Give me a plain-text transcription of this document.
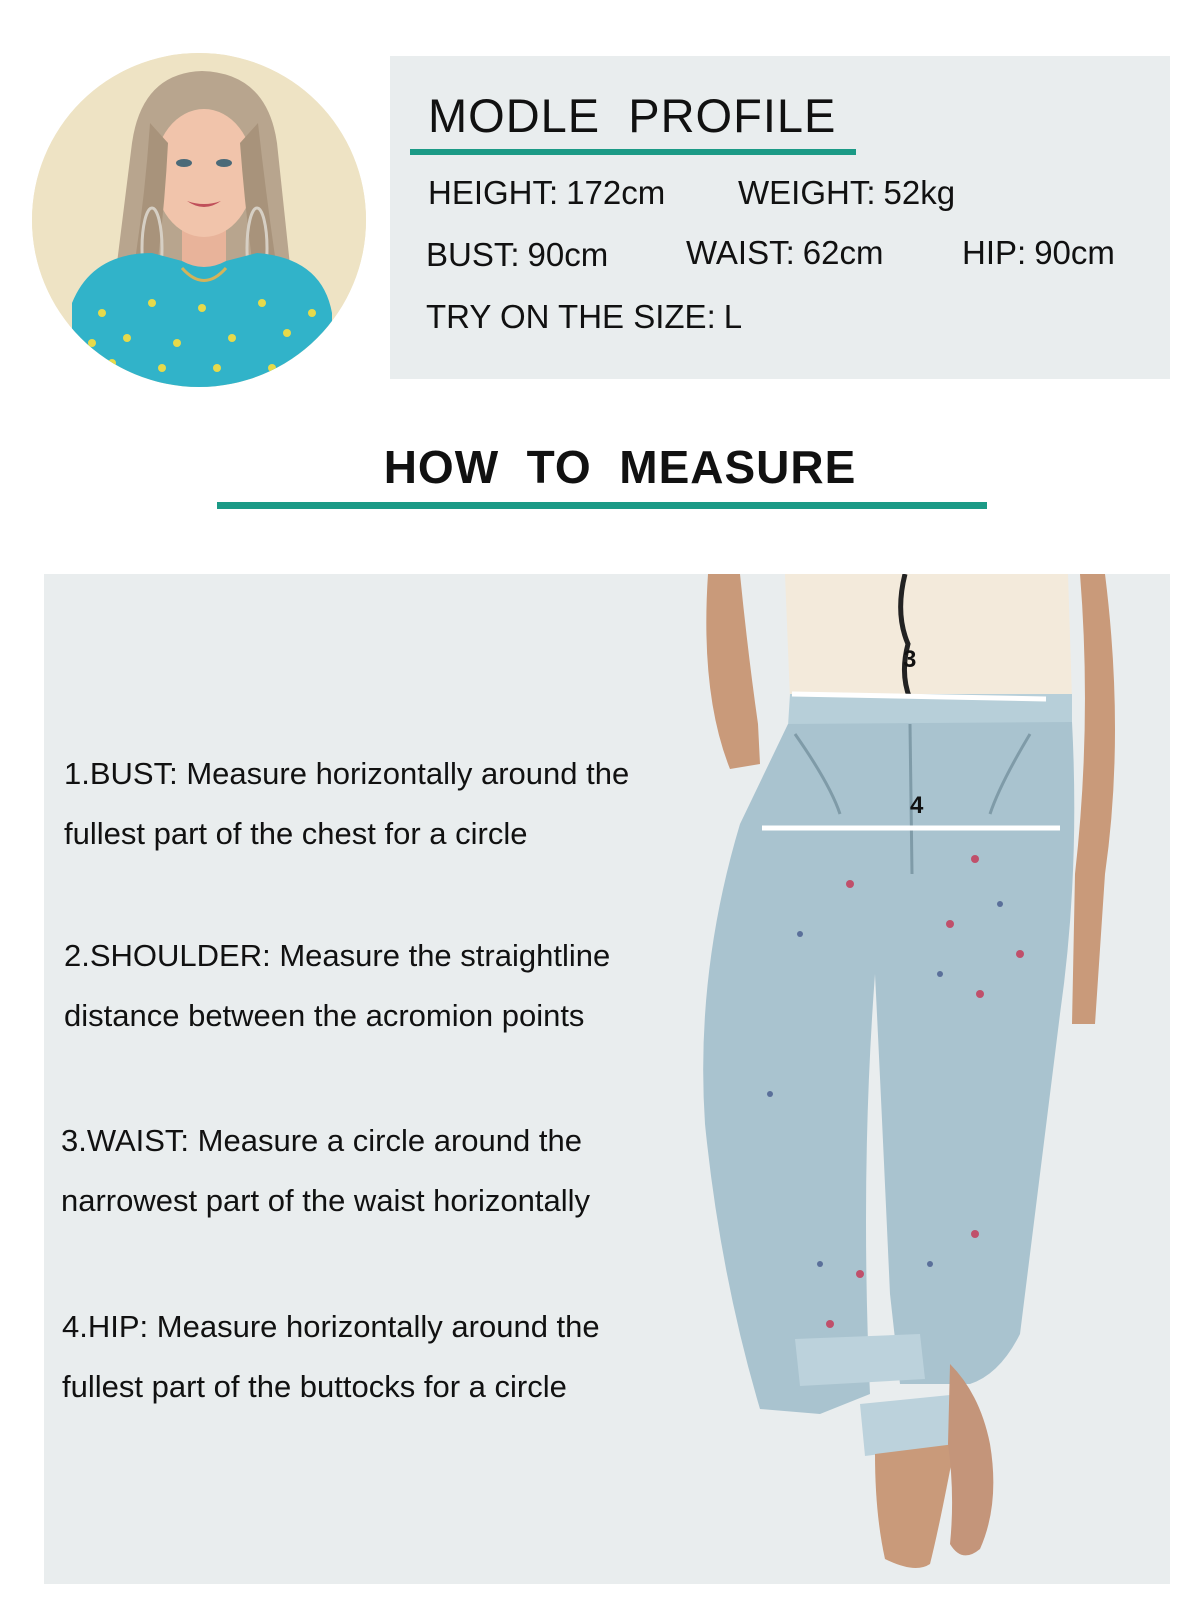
MODLE  PROFILE
HEIGHT: 172cm WEIGHT: 52kg
BUST: 90cm WAIST: 62cm HIP: 90cm
TRY ON THE SIZE: L
HOW  TO  MEASURE
1.BUST: Measure horizontally around the
fullest part of the chest for a circle
2.SHOULDER: Measure the straightline
distance between the acromion points
3.WAIST: Measure a circle around the
narrowest part of the waist horizontally
4.HIP: Measure horizontally around the
fullest part of the buttocks for a circle
3
4
